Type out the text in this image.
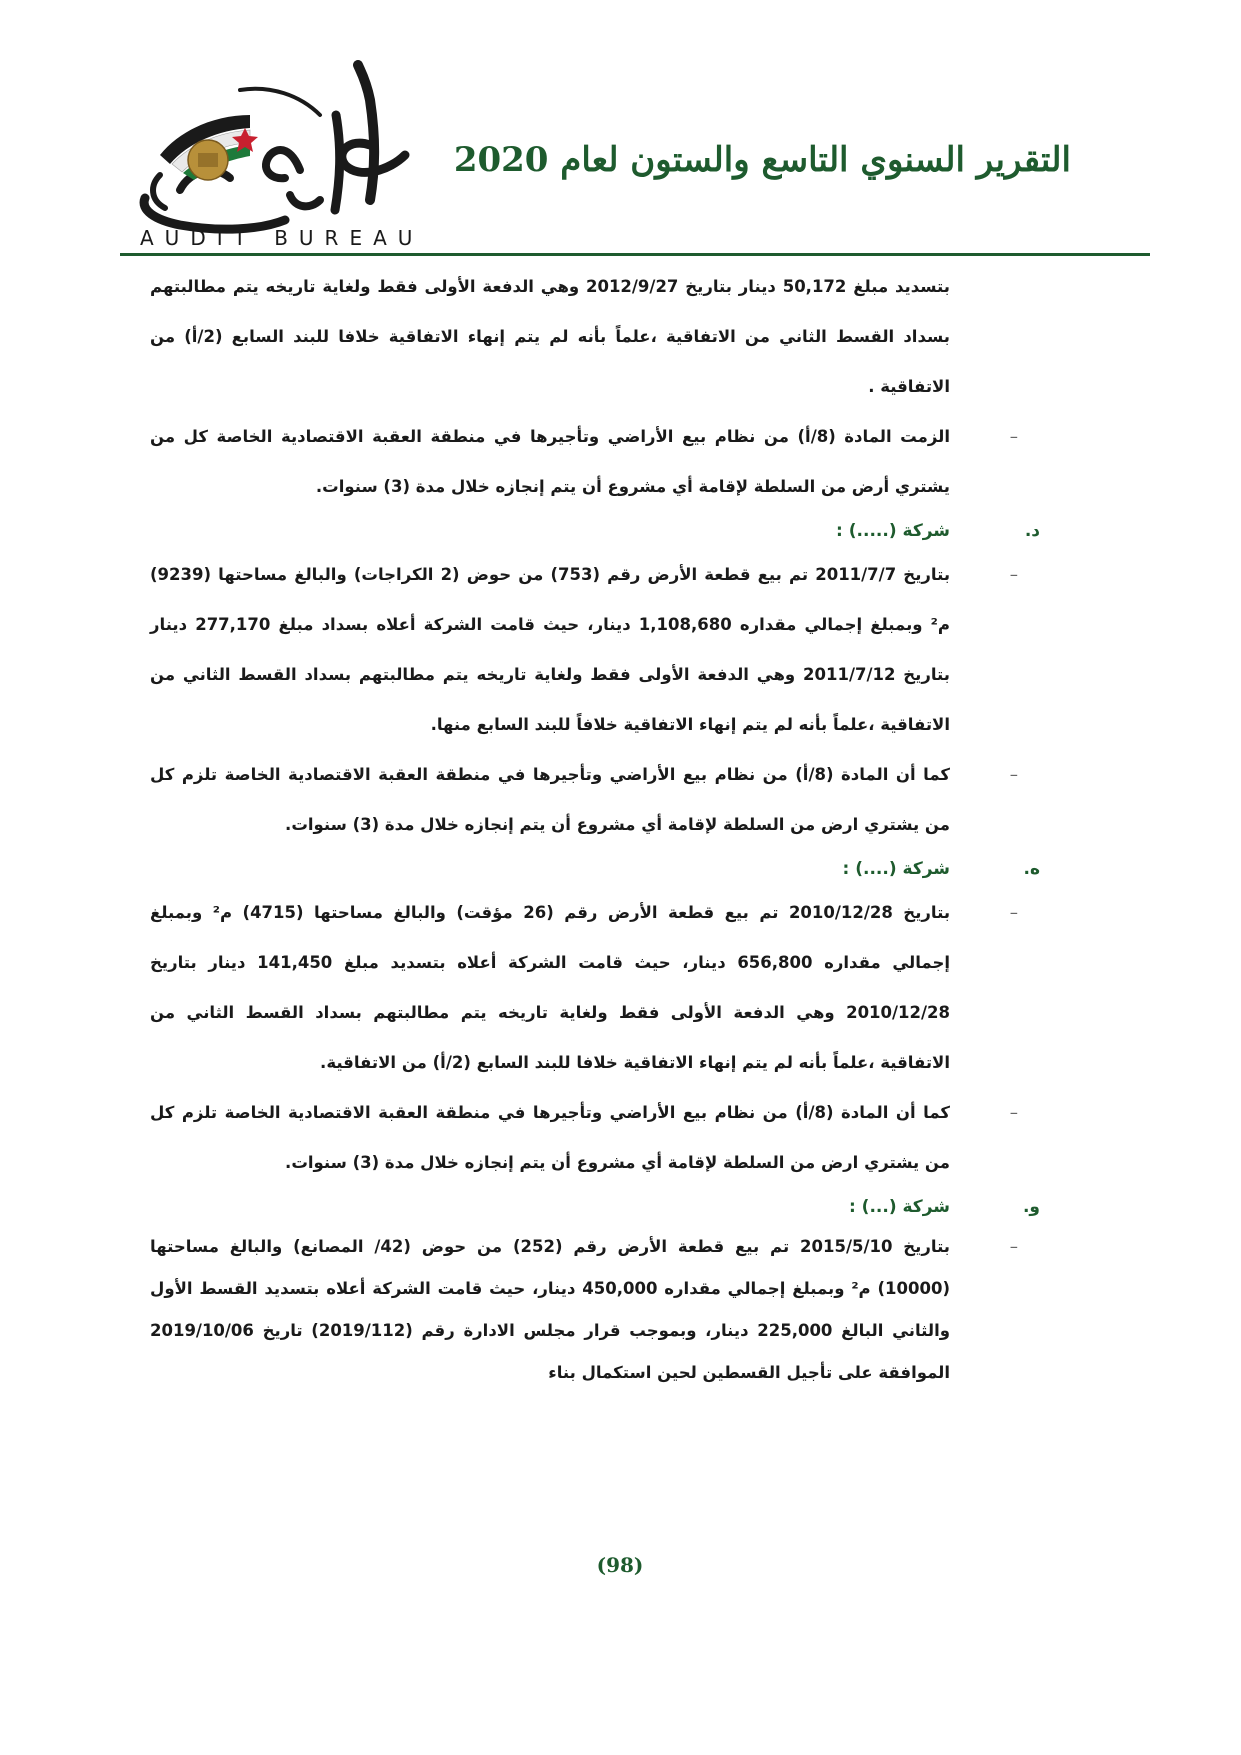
التقرير السنوي التاسع والستون لعام 2020
AUDIT BUREAU

بتسديد مبلغ 50,172 دينار بتاريخ 2012/9/27 وهي الدفعة الأولى فقط ولغاية تاريخه يتم مطالبتهم بسداد القسط الثاني من الاتفاقية ،علماً بأنه لم يتم إنهاء الاتفاقية خلافا للبند السابع (2/أ) من الاتفاقية .

–
الزمت المادة (8/أ) من نظام بيع الأراضي وتأجيرها في منطقة العقبة الاقتصادية الخاصة كل من يشتري أرض من السلطة لإقامة أي مشروع أن يتم إنجازه خلال مدة (3) سنوات.
د.
شركة (.....) :
–
بتاريخ 2011/7/7 تم بيع قطعة الأرض رقم (753) من حوض (2 الكراجات) والبالغ مساحتها (9239) م² وبمبلغ إجمالي مقداره 1,108,680 دينار، حيث قامت الشركة أعلاه بسداد مبلغ 277,170 دينار بتاريخ 2011/7/12 وهي الدفعة الأولى فقط ولغاية تاريخه يتم مطالبتهم بسداد القسط الثاني من الاتفاقية ،علماً بأنه لم يتم إنهاء الاتفاقية خلافاً للبند السابع منها.
–
كما أن المادة (8/أ) من نظام بيع الأراضي وتأجيرها في منطقة العقبة الاقتصادية الخاصة تلزم كل من يشتري ارض من السلطة لإقامة أي مشروع أن يتم إنجازه خلال مدة (3) سنوات.
ه.
شركة (....) :
–
بتاريخ 2010/12/28 تم بيع قطعة الأرض رقم (26 مؤقت) والبالغ مساحتها (4715) م² وبمبلغ إجمالي مقداره 656,800 دينار، حيث قامت الشركة أعلاه بتسديد مبلغ 141,450 دينار بتاريخ 2010/12/28 وهي الدفعة الأولى فقط ولغاية تاريخه يتم مطالبتهم بسداد القسط الثاني من الاتفاقية ،علماً بأنه لم يتم إنهاء الاتفاقية خلافا للبند السابع (2/أ) من الاتفاقية.
–
كما أن المادة (8/أ) من نظام بيع الأراضي وتأجيرها في منطقة العقبة الاقتصادية الخاصة تلزم كل من يشتري ارض من السلطة لإقامة أي مشروع أن يتم إنجازه خلال مدة (3) سنوات.
و.
شركة (...) :
–
بتاريخ 2015/5/10 تم بيع قطعة الأرض رقم (252) من حوض (42/ المصانع) والبالغ مساحتها (10000) م² وبمبلغ إجمالي مقداره 450,000 دينار، حيث قامت الشركة أعلاه بتسديد القسط الأول والثاني البالغ 225,000 دينار، وبموجب قرار مجلس الادارة رقم (2019/112) تاريخ 2019/10/06 الموافقة على تأجيل القسطين لحين استكمال بناء
(98)
